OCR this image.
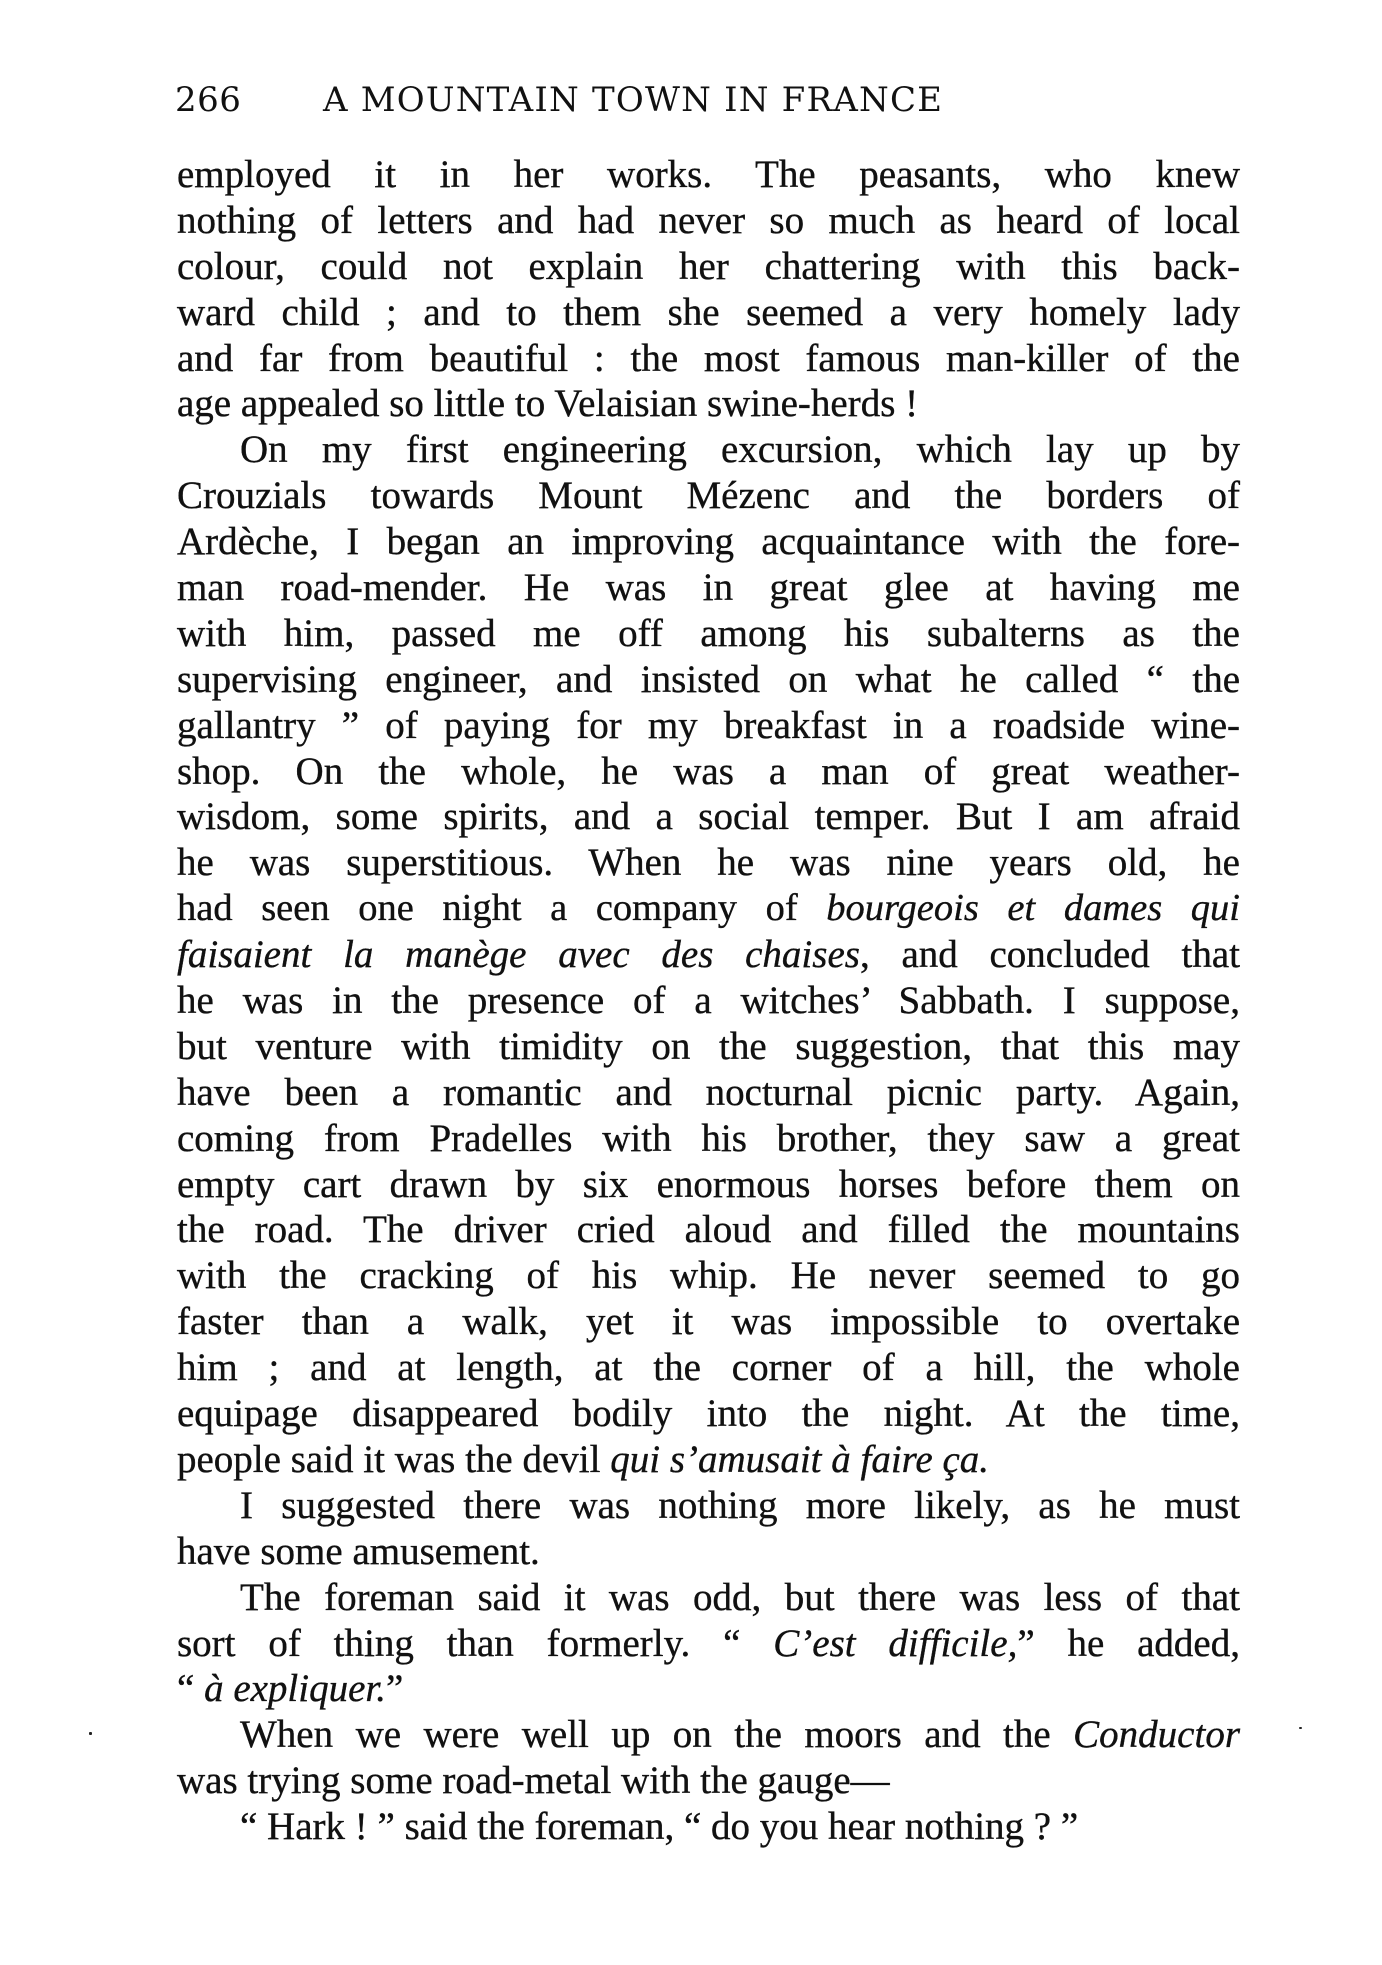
266 A MOUNTAIN TOWN IN FRANCE
employed it in her works. The peasants, who knew
nothing of letters and had never so much as heard of local
colour, could not explain her chattering with this back-
ward child ; and to them she seemed a very homely lady
and far from beautiful : the most famous man-killer of the
age appealed so little to Velaisian swine-herds !
On my first engineering excursion, which lay up by
Crouzials towards Mount Mézenc and the borders of
Ardèche, I began an improving acquaintance with the fore-
man road-mender. He was in great glee at having me
with him, passed me off among his subalterns as the
supervising engineer, and insisted on what he called “ the
gallantry ” of paying for my breakfast in a roadside wine-
shop. On the whole, he was a man of great weather-
wisdom, some spirits, and a social temper. But I am afraid
he was superstitious. When he was nine years old, he
had seen one night a company of bourgeois et dames qui
faisaient la manège avec des chaises, and concluded that
he was in the presence of a witches’ Sabbath. I suppose,
but venture with timidity on the suggestion, that this may
have been a romantic and nocturnal picnic party. Again,
coming from Pradelles with his brother, they saw a great
empty cart drawn by six enormous horses before them on
the road. The driver cried aloud and filled the mountains
with the cracking of his whip. He never seemed to go
faster than a walk, yet it was impossible to overtake
him ; and at length, at the corner of a hill, the whole
equipage disappeared bodily into the night. At the time,
people said it was the devil qui s’amusait à faire ça.
I suggested there was nothing more likely, as he must
have some amusement.
The foreman said it was odd, but there was less of that
sort of thing than formerly. “ C’est difficile,” he added,
“ à expliquer.”
When we were well up on the moors and the Conductor
was trying some road-metal with the gauge—
“ Hark ! ” said the foreman, “ do you hear nothing ? ”
